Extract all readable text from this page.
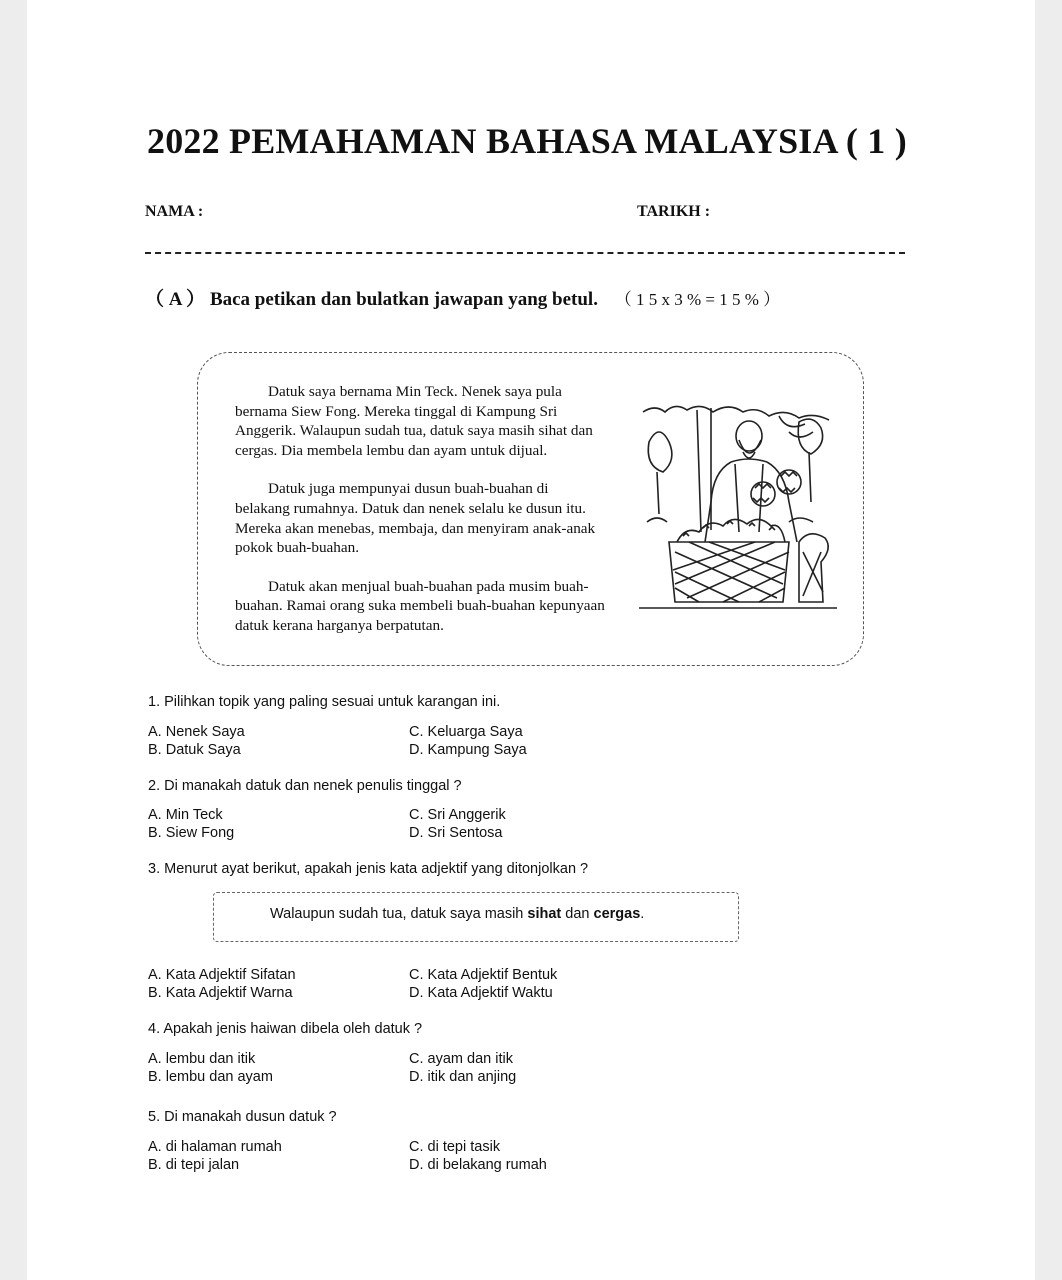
2022 PEMAHAMAN BAHASA MALAYSIA ( 1 )
NAMA :	TARIKH :
（ A ） Baca petikan dan bulatkan jawapan yang betul. （ 1 5 x 3 % = 1 5 % ）

Datuk saya bernama Min Teck. Nenek saya pula bernama Siew Fong. Mereka tinggal di Kampung Sri Anggerik. Walaupun sudah tua, datuk saya masih sihat dan cergas. Dia membela lembu dan ayam untuk dijual.

Datuk juga mempunyai dusun buah-buahan di belakang rumahnya. Datuk dan nenek selalu ke dusun itu. Mereka akan menebas, membaja, dan menyiram anak-anak pokok buah-buahan.

Datuk akan menjual buah-buahan pada musim buah-buahan. Ramai orang suka membeli buah-buahan kepunyaan datuk kerana harganya berpatutan.

1. Pilihkan topik yang paling sesuai untuk karangan ini.
A. Nenek Saya
B. Datuk Saya
C. Keluarga Saya
D. Kampung Saya
2. Di manakah datuk dan nenek penulis tinggal ?
A. Min Teck
B. Siew Fong
C. Sri Anggerik
D. Sri Sentosa
3. Menurut ayat berikut, apakah jenis kata adjektif yang ditonjolkan ?
Walaupun sudah tua, datuk saya masih sihat dan cergas.
A. Kata Adjektif Sifatan
B. Kata Adjektif Warna
C. Kata Adjektif Bentuk
D. Kata Adjektif Waktu
4. Apakah jenis haiwan dibela oleh datuk ?
A. lembu dan itik
B. lembu dan ayam
C. ayam dan itik
D. itik dan anjing
5. Di manakah dusun datuk ?
A. di halaman rumah
B. di tepi jalan
C. di tepi tasik
D. di belakang rumah
